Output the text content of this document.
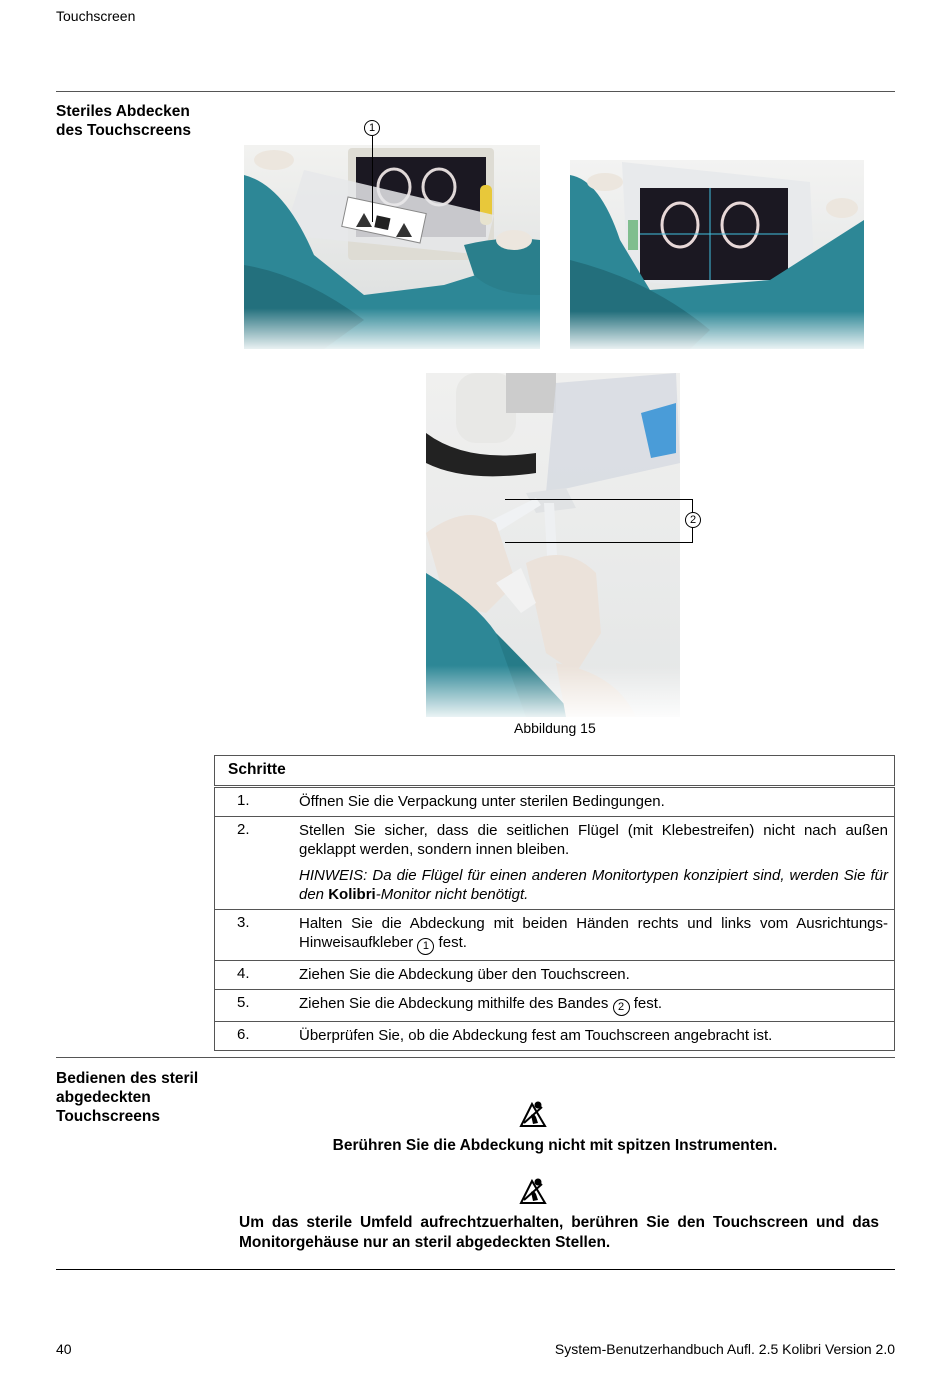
Touchscreen
Steriles Abdecken
des Touchscreens	1
2
Abbildung 15
Schritte	
1.	Öffnen Sie die Verpackung unter sterilen Bedingungen.
2.	Stellen Sie sicher, dass die seitlichen Flügel (mit Klebestreifen) nicht nach außen geklappt werden, sondern innen bleiben.
HINWEIS: Da die Flügel für einen anderen Monitortypen konzipiert sind, werden Sie für den Kolibri-Monitor nicht benötigt.

3.	Halten Sie die Abdeckung mit beiden Händen rechts und links vom Ausrichtungs-Hinweisaufkleber 1 fest.
4.	Ziehen Sie die Abdeckung über den Touchscreen.
5.	Ziehen Sie die Abdeckung mithilfe des Bandes 2 fest.
6.	Überprüfen Sie, ob die Abdeckung fest am Touchscreen angebracht ist.
Bedienen des steril
abgedeckten
Touchscreens
Berühren Sie die Abdeckung nicht mit spitzen Instrumenten.
Um das sterile Umfeld aufrechtzuerhalten, berühren Sie den Touchscreen und das Monitorgehäuse nur an steril abgedeckten Stellen.
40	System-Benutzerhandbuch Aufl. 2.5 Kolibri Version 2.0
